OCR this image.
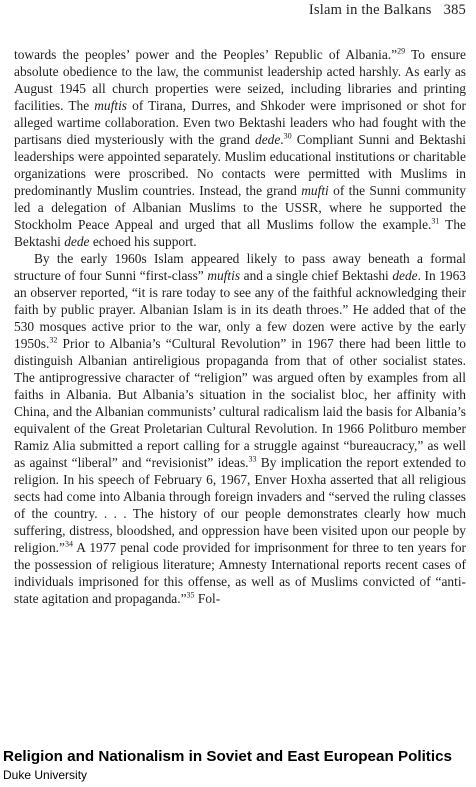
Islam in the Balkans 385

towards the peoples’ power and the Peoples’ Republic of Albania.”$^{29}$ To ensure absolute obedience to the law, the communist leadership acted harshly. As early as August 1945 all church properties were seized, including libraries and printing facilities. The muftis of Tirana, Durres, and Shkoder were imprisoned or shot for alleged wartime collaboration. Even two Bektashi leaders who had fought with the partisans died mysteriously with the grand dede.$^{30}$ Compliant Sunni and Bektashi leaderships were appointed separately. Muslim educational institutions or charitable organizations were proscribed. No contacts were permitted with Muslims in predominantly Muslim countries. Instead, the grand mufti of the Sunni community led a delegation of Albanian Muslims to the USSR, where he supported the Stockholm Peace Appeal and urged that all Muslims follow the example.$^{31}$ The Bektashi dede echoed his support.

By the early 1960s Islam appeared likely to pass away beneath a formal structure of four Sunni “first-class” muftis and a single chief Bektashi dede. In 1963 an observer reported, “it is rare today to see any of the faithful acknowledging their faith by public prayer. Albanian Islam is in its death throes.” He added that of the 530 mosques active prior to the war, only a few dozen were active by the early 1950s.$^{32}$ Prior to Albania’s “Cultural Revolution” in 1967 there had been little to distinguish Albanian antireligious propaganda from that of other socialist states. The antiprogressive character of “religion” was argued often by examples from all faiths in Albania. But Albania’s situation in the socialist bloc, her affinity with China, and the Albanian communists’ cultural radicalism laid the basis for Albania’s equivalent of the Great Proletarian Cultural Revolution. In 1966 Politburo member Ramiz Alia submitted a report calling for a struggle against “bureaucracy,” as well as against “liberal” and “revisionist” ideas.$^{33}$ By implication the report extended to religion. In his speech of February 6, 1967, Enver Hoxha asserted that all religious sects had come into Albania through foreign invaders and “served the ruling classes of the country. . . . The history of our people demonstrates clearly how much suffering, distress, bloodshed, and oppression have been visited upon our people by religion.”$^{34}$ A 1977 penal code provided for imprisonment for three to ten years for the possession of religious literature; Amnesty International reports recent cases of individuals imprisoned for this offense, as well as of Muslims convicted of “anti-state agitation and propaganda.”$^{35}$ Fol-

Religion and Nationalism in Soviet and East European Politics
Duke University
